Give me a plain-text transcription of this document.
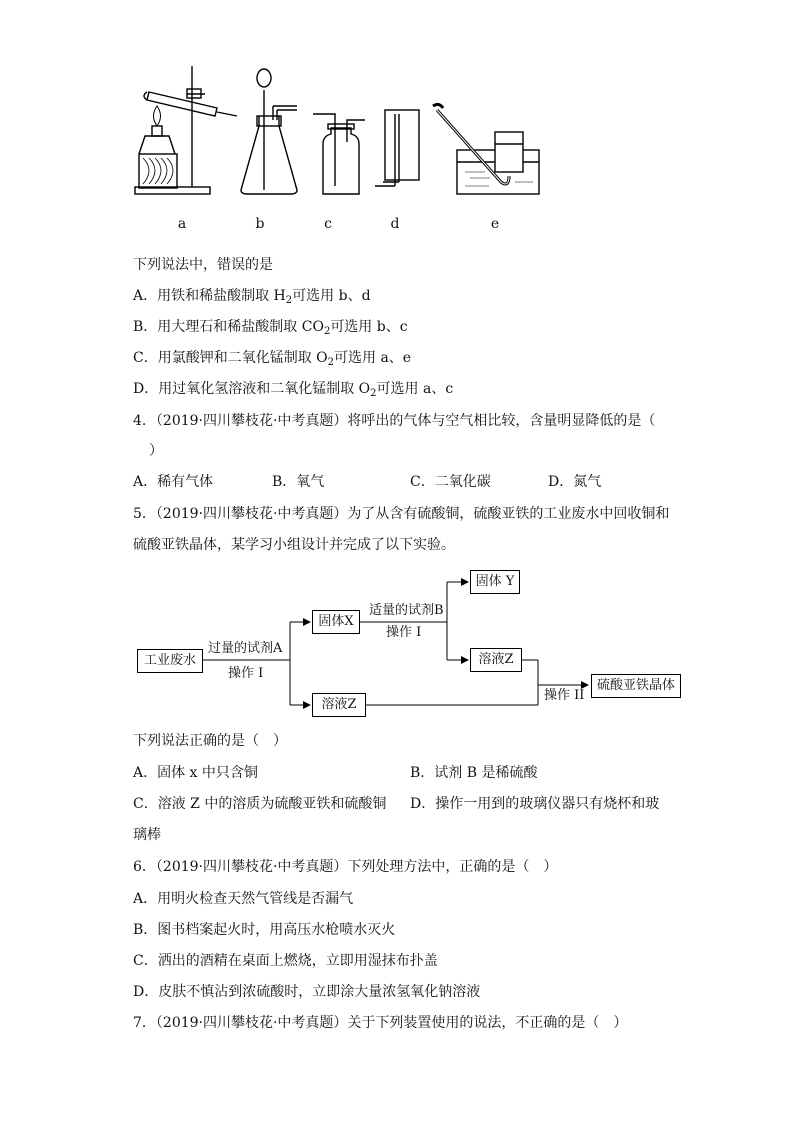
a	b	c	d	e
下列说法中，错误的是
A．用铁和稀盐酸制取 $H_2$可选用 b、d
B．用大理石和稀盐酸制取 $CO_2$可选用 b、c
C．用氯酸钾和二氧化锰制取 $O_2$可选用 a、e
D．用过氧化氢溶液和二氧化锰制取 $O_2$可选用 a、c
4．（2019·四川攀枝花·中考真题）将呼出的气体与空气相比较，含量明显降低的是（
）
A．稀有气体	B．氧气	C．二氧化碳	D．氮气
5．（2019·四川攀枝花·中考真题）为了从含有硫酸铜，硫酸亚铁的工业废水中回收铜和
硫酸亚铁晶体，某学习小组设计并完成了以下实验。
工业废水
固体X
固体 Y
溶液Z
溶液Z
硫酸亚铁晶体
过量的试剂A
操作 I
适量的试剂B
操作 I
操作 II
下列说法正确的是（　）
A．固体 x 中只含铜	B．试剂 B 是稀硫酸
C．溶液 Z 中的溶质为硫酸亚铁和硫酸铜 D．操作一用到的玻璃仪器只有烧杯和玻
璃棒
6．（2019·四川攀枝花·中考真题）下列处理方法中，正确的是（　）
A．用明火检查天然气管线是否漏气
B．图书档案起火时，用高压水枪喷水灭火
C．洒出的酒精在桌面上燃烧，立即用湿抹布扑盖
D．皮肤不慎沾到浓硫酸时，立即涂大量浓氢氧化钠溶液
7．（2019·四川攀枝花·中考真题）关于下列装置使用的说法，不正确的是（　）
